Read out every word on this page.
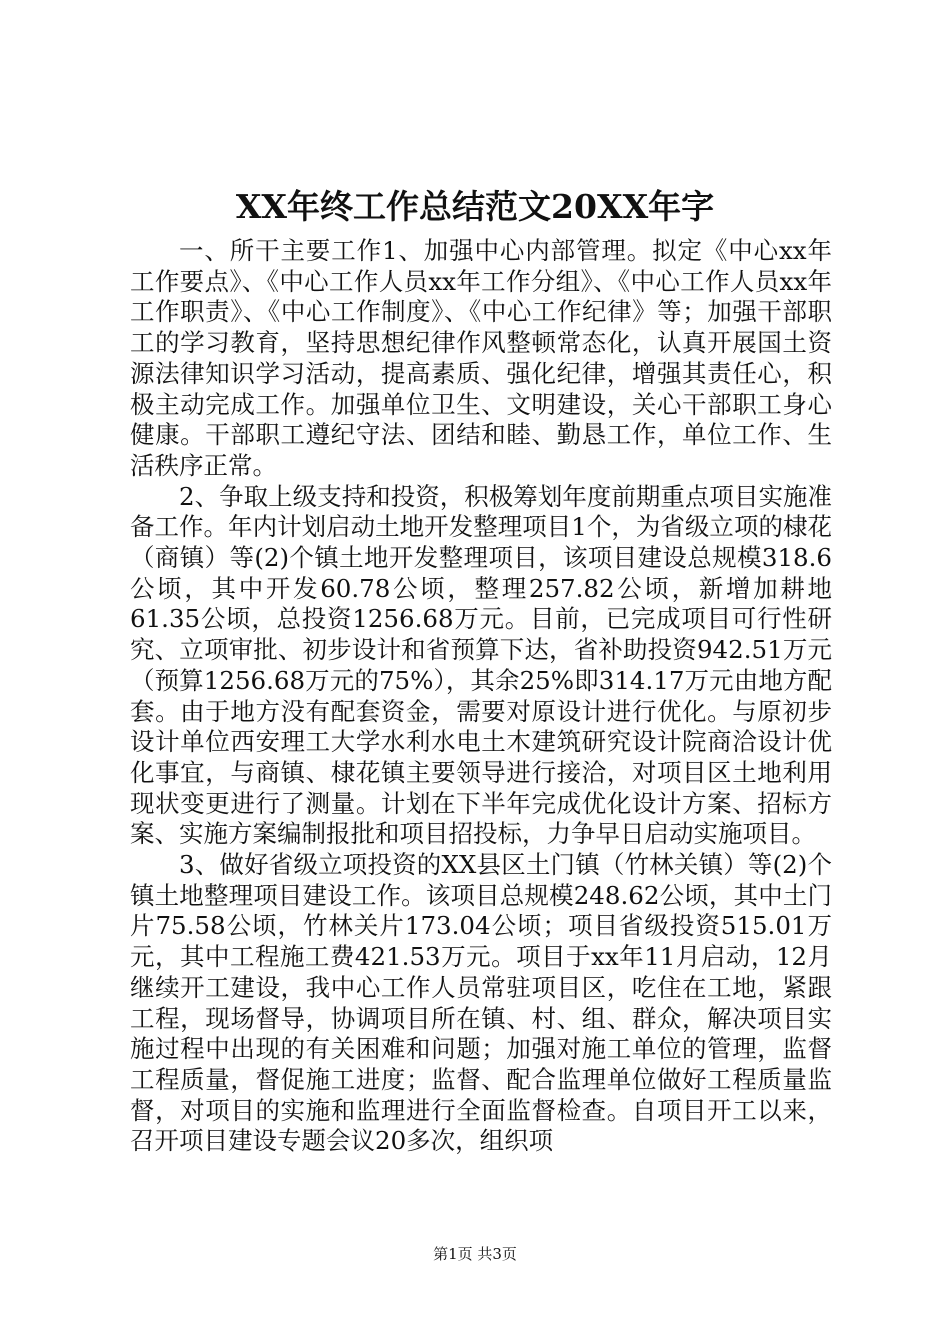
XX年终工作总结范文20XX年字

一、所干主要工作1、加强中心内部管理。拟定《中心xx年工作要点》、《中心工作人员xx年工作分组》、《中心工作人员xx年工作职责》、《中心工作制度》、《中心工作纪律》等；加强干部职工的学习教育，坚持思想纪律作风整顿常态化，认真开展国土资源法律知识学习活动，提高素质、强化纪律，增强其责任心，积极主动完成工作。加强单位卫生、文明建设，关心干部职工身心健康。干部职工遵纪守法、团结和睦、勤恳工作，单位工作、生活秩序正常。

2、争取上级支持和投资，积极筹划年度前期重点项目实施准备工作。年内计划启动土地开发整理项目1个，为省级立项的棣花（商镇）等(2)个镇土地开发整理项目，该项目建设总规模318.6公顷，其中开发60.78公顷，整理257.82公顷，新增加耕地61.35公顷，总投资1256.68万元。目前，已完成项目可行性研究、立项审批、初步设计和省预算下达，省补助投资942.51万元（预算1256.68万元的75%），其余25%即314.17万元由地方配套。由于地方没有配套资金，需要对原设计进行优化。与原初步设计单位西安理工大学水利水电土木建筑研究设计院商洽设计优化事宜，与商镇、棣花镇主要领导进行接洽，对项目区土地利用现状变更进行了测量。计划在下半年完成优化设计方案、招标方案、实施方案编制报批和项目招投标，力争早日启动实施项目。

3、做好省级立项投资的XX县区土门镇（竹林关镇）等(2)个镇土地整理项目建设工作。该项目总规模248.62公顷，其中土门片75.58公顷，竹林关片173.04公顷；项目省级投资515.01万元，其中工程施工费421.53万元。项目于xx年11月启动，12月继续开工建设，我中心工作人员常驻项目区，吃住在工地，紧跟工程，现场督导，协调项目所在镇、村、组、群众，解决项目实施过程中出现的有关困难和问题；加强对施工单位的管理，监督工程质量，督促施工进度；监督、配合监理单位做好工程质量监督，对项目的实施和监理进行全面监督检查。自项目开工以来，召开项目建设专题会议20多次，组织项

第1页 共3页
